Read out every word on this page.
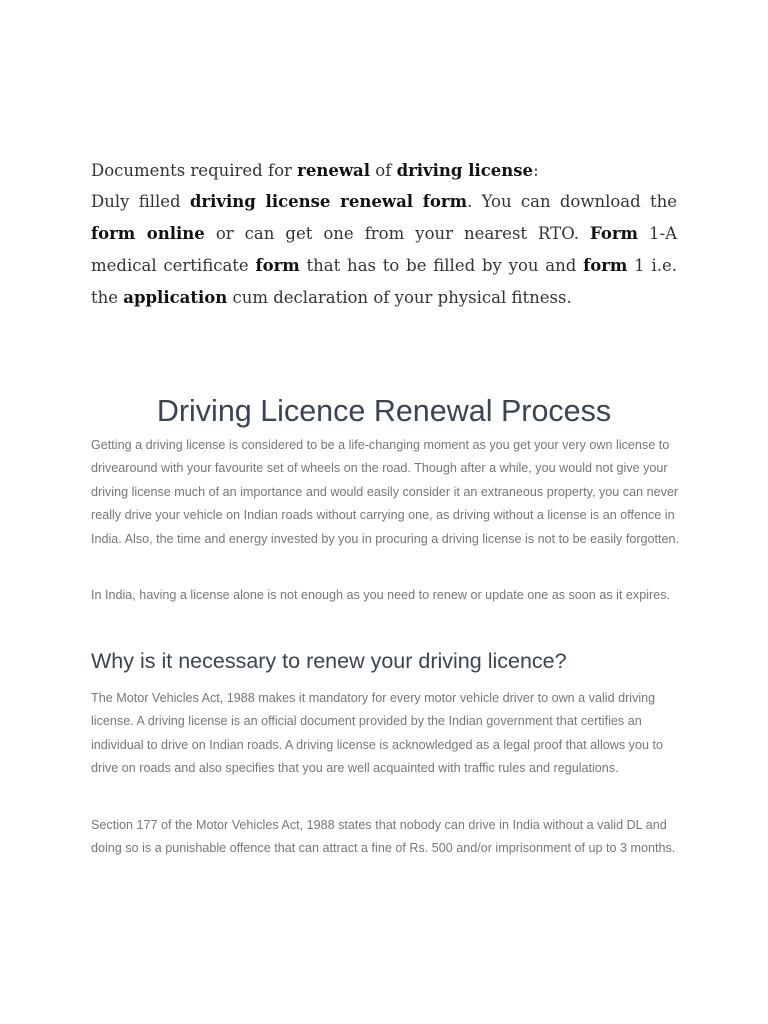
Documents required for renewal of driving license:

Duly filled driving license renewal form. You can download the form online or can get one from your nearest RTO. Form 1-A medical certificate form that has to be filled by you and form 1 i.e. the application cum declaration of your physical fitness.

Driving Licence Renewal Process

Getting a driving license is considered to be a life-changing moment as you get your very own license to drivearound with your favourite set of wheels on the road. Though after a while, you would not give your driving license much of an importance and would easily consider it an extraneous property, you can never really drive your vehicle on Indian roads without carrying one, as driving without a license is an offence in India. Also, the time and energy invested by you in procuring a driving license is not to be easily forgotten.

In India, having a license alone is not enough as you need to renew or update one as soon as it expires.

Why is it necessary to renew your driving licence?

The Motor Vehicles Act, 1988 makes it mandatory for every motor vehicle driver to own a valid driving license. A driving license is an official document provided by the Indian government that certifies an individual to drive on Indian roads. A driving license is acknowledged as a legal proof that allows you to drive on roads and also specifies that you are well acquainted with traffic rules and regulations.

Section 177 of the Motor Vehicles Act, 1988 states that nobody can drive in India without a valid DL and doing so is a punishable offence that can attract a fine of Rs. 500 and/or imprisonment of up to 3 months.
